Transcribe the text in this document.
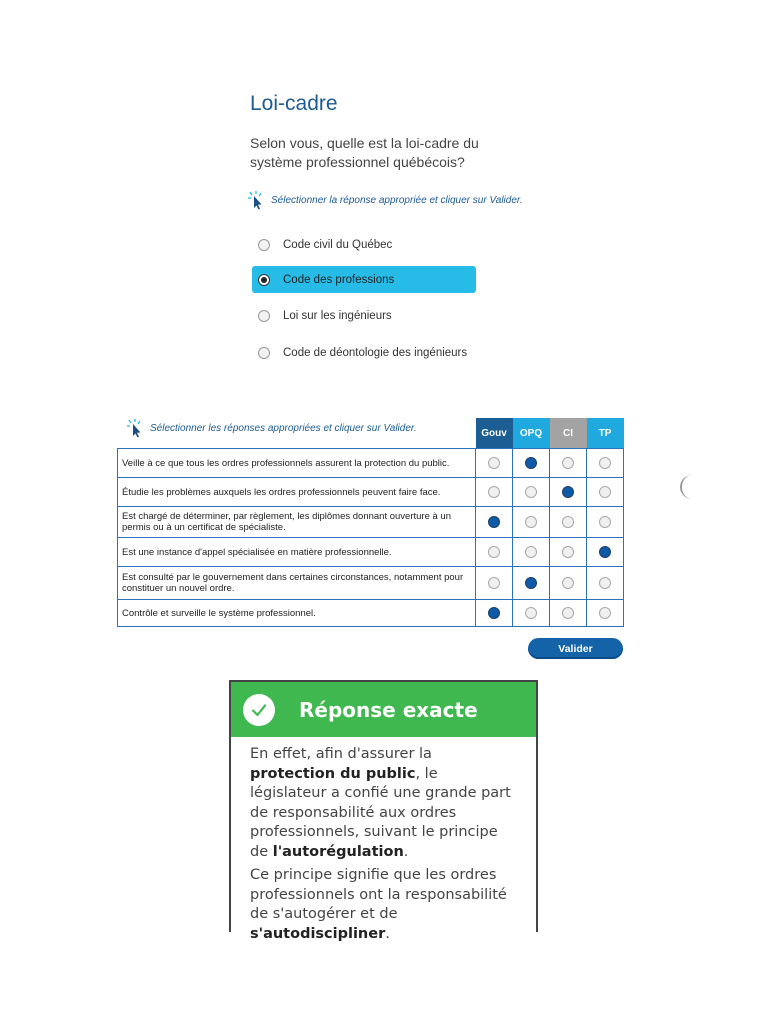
Loi-cadre
Selon vous, quelle est la loi-cadre du système professionnel québécois?
Sélectionner la réponse appropriée et cliquer sur Valider.
Code civil du Québec
Code des professions
Loi sur les ingénieurs
Code de déontologie des ingénieurs
Sélectionner les réponses appropriées et cliquer sur Valider.
		Gouv	OPQ	CI	TP
Veille à ce que tous les ordres professionnels assurent la protection du public.				
Étudie les problèmes auxquels les ordres professionnels peuvent faire face.				
Est chargé de déterminer, par règlement, les diplômes donnant ouverture à un permis ou à un certificat de spécialiste.				
Est une instance d'appel spécialisée en matière professionnelle.				
Est consulté par le gouvernement dans certaines circonstances, notamment pour constituer un nouvel ordre.				
Contrôle et surveille le système professionnel.				
Valider
Réponse exacte

En effet, afin d'assurer la protection du public, le législateur a confié une grande part de responsabilité aux ordres professionnels, suivant le principe de l'autorégulation.

Ce principe signifie que les ordres professionnels ont la responsabilité de s'autogérer et de s'autodiscipliner.
